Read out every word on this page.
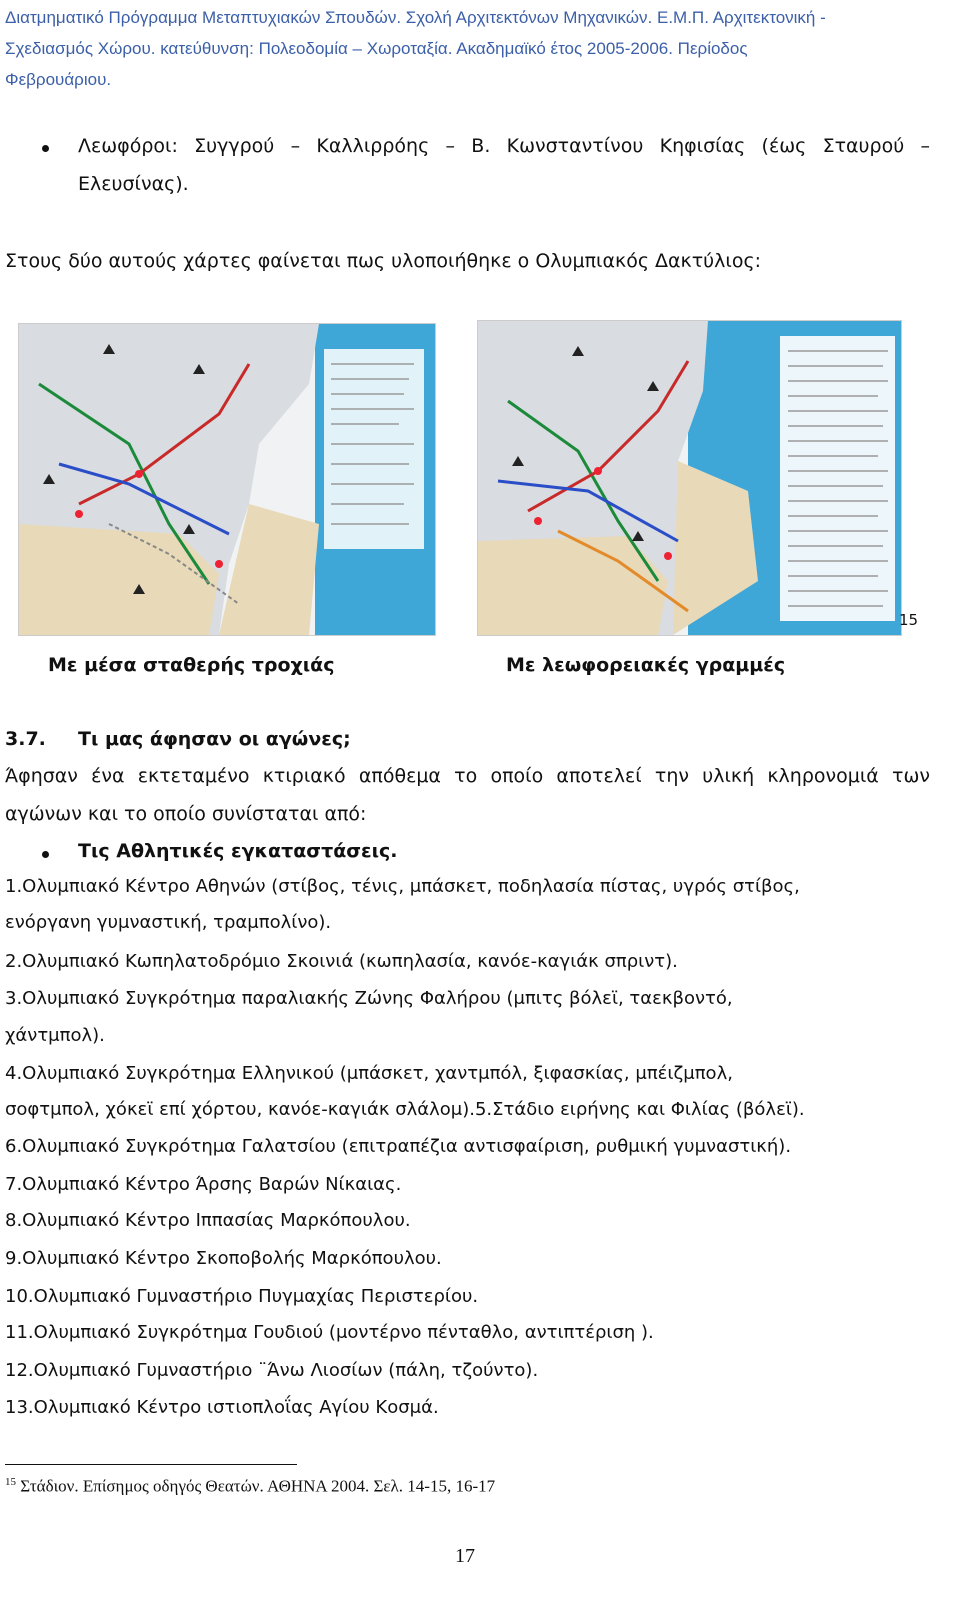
Διατμηματικό Πρόγραμμα Μεταπτυχιακών Σπουδών. Σχολή Αρχιτεκτόνων Μηχανικών. Ε.Μ.Π. Αρχιτεκτονική -
Σχεδιασμός Χώρου. κατεύθυνση: Πολεοδομία – Χωροταξία. Ακαδημαϊκό έτος 2005-2006. Περίοδος
Φεβρουάριου.
Λεωφόροι: Συγγρού – Καλλιρρόης – Β. Κωνσταντίνου Κηφισίας (έως Σταυρού –
Ελευσίνας).
Στους δύο αυτούς χάρτες φαίνεται πως υλοποιήθηκε ο Ολυμπιακός Δακτύλιος:
15
Με μέσα σταθερής τροχιάς	Με λεωφορειακές γραμμές
3.7. Τι μας άφησαν οι αγώνες;
Άφησαν ένα εκτεταμένο κτιριακό απόθεμα το οποίο αποτελεί την υλική κληρονομιά των
αγώνων και το οποίο συνίσταται από:
Τις Αθλητικές εγκαταστάσεις.
1.Ολυμπιακό Κέντρο Αθηνών (στίβος, τένις, μπάσκετ, ποδηλασία πίστας, υγρός στίβος,
ενόργανη γυμναστική, τραμπολίνο).
2.Ολυμπιακό Κωπηλατοδρόμιο Σκοινιά (κωπηλασία, κανόε-καγιάκ σπριντ).
3.Ολυμπιακό Συγκρότημα παραλιακής Ζώνης Φαλήρου (μπιτς βόλεϊ, ταεκβοντό,
χάντμπολ).
4.Ολυμπιακό Συγκρότημα Ελληνικού (μπάσκετ, χαντμπόλ, ξιφασκίας, μπέιζμπολ,
σοφτμπολ, χόκεϊ επί χόρτου, κανόε-καγιάκ σλάλομ).5.Στάδιο ειρήνης και Φιλίας (βόλεϊ).
6.Ολυμπιακό Συγκρότημα Γαλατσίου (επιτραπέζια αντισφαίριση, ρυθμική γυμναστική).
7.Ολυμπιακό Κέντρο Άρσης Βαρών Νίκαιας.
8.Ολυμπιακό Κέντρο Ιππασίας Μαρκόπουλου.
9.Ολυμπιακό Κέντρο Σκοποβολής Μαρκόπουλου.
10.Ολυμπιακό Γυμναστήριο Πυγμαχίας Περιστερίου.
11.Ολυμπιακό Συγκρότημα Γουδιού (μοντέρνο πένταθλο, αντιπτέριση ).
12.Ολυμπιακό Γυμναστήριο ¨Άνω Λιοσίων (πάλη, τζούντο).
13.Ολυμπιακό Κέντρο ιστιοπλοΐας Αγίου Κοσμά.
$^{15}$ Στάδιον. Επίσημος οδηγός Θεατών. ΑΘΗΝΑ 2004. Σελ. 14-15, 16-17
17
